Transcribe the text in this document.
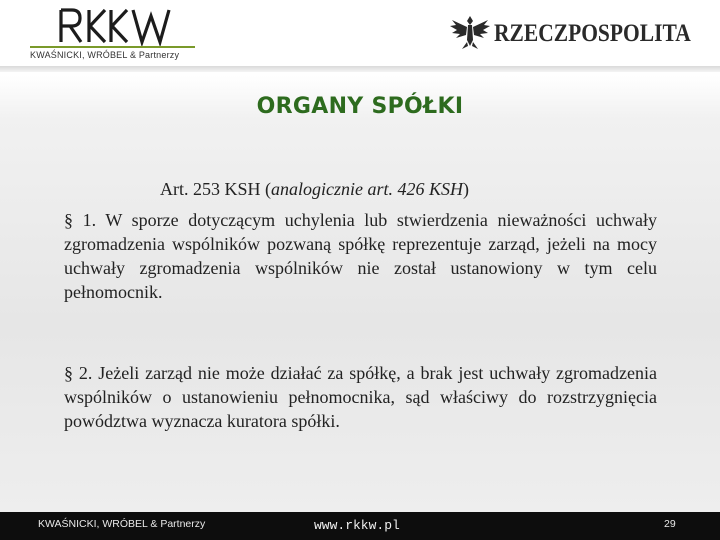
KWAŚNICKI, WRÓBEL & Partnerzy
RZECZPOSPOLITA
ORGANY SPÓŁKI
Art. 253 KSH (analogicznie art. 426 KSH)
§ 1. W sporze dotyczącym uchylenia lub stwierdzenia nieważności uchwały zgromadzenia wspólników pozwaną spółkę reprezentuje zarząd, jeżeli na mocy uchwały zgromadzenia wspólników nie został ustanowiony w tym celu pełnomocnik.
§ 2. Jeżeli zarząd nie może działać za spółkę, a brak jest uchwały zgromadzenia wspólników o ustanowieniu pełnomocnika, sąd właściwy do rozstrzygnięcia powództwa wyznacza kuratora spółki.
KWAŚNICKI, WRÓBEL & Partnerzy	www.rkkw.pl	29
